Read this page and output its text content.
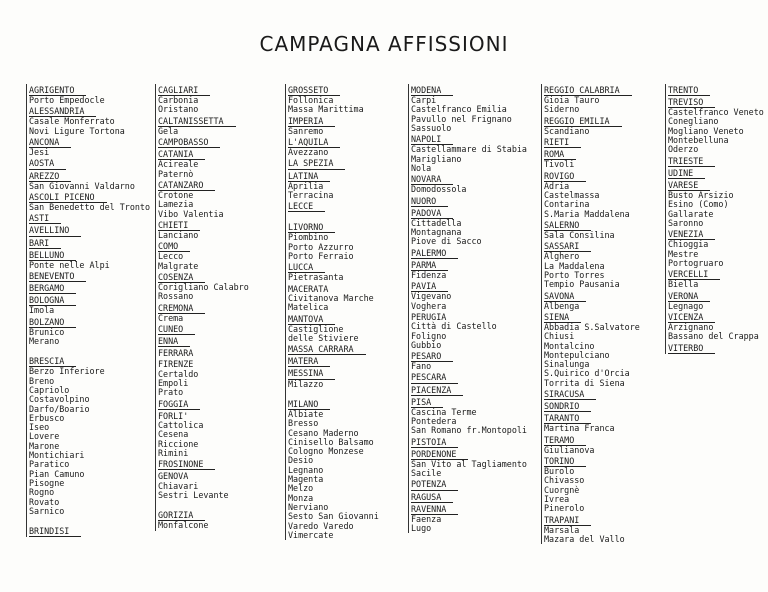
CAMPAGNA AFFISSIONI
AGRIGENTO
Porto Empedocle
ALESSANDRIA
Casale Monferrato
Novi Ligure Tortona
ANCONA
Jesi
AOSTA
AREZZO
San Giovanni Valdarno
ASCOLI PICENO
San Benedetto del Tronto
ASTI
AVELLINO
BARI
BELLUNO
Ponte nelle Alpi
BENEVENTO
BERGAMO
BOLOGNA
Imola
BOLZANO
Brunico
Merano
BRESCIA
Berzo Inferiore
Breno
Capriolo
Costavolpino
Darfo/Boario
Erbusco
Iseo
Lovere
Marone
Montichiari
Paratico
Pian Camuno
Pisogne
Rogno
Rovato
Sarnico
BRINDISI
CAGLIARI
Carbonia
Oristano
CALTANISSETTA
Gela
CAMPOBASSO
CATANIA
Acireale
Paternò
CATANZARO
Crotone
Lamezia
Vibo Valentia
CHIETI
Lanciano
COMO
Lecco
Malgrate
COSENZA
Corigliano Calabro
Rossano
CREMONA
Crema
CUNEO
ENNA
FERRARA
FIRENZE
Certaldo
Empoli
Prato
FOGGIA
FORLI'
Cattolica
Cesena
Riccione
Rimini
FROSINONE
GENOVA
Chiavari
Sestri Levante
GORIZIA
Monfalcone
GROSSETO
Follonica
Massa Marittima
IMPERIA
Sanremo
L'AQUILA
Avezzano
LA SPEZIA
LATINA
Aprilia
Terracina
LECCE
LIVORNO
Piombino
Porto Azzurro
Porto Ferraio
LUCCA
Pietrasanta
MACERATA
Civitanova Marche
Matelica
MANTOVA
Castiglione
delle Stiviere
MASSA CARRARA
MATERA
MESSINA
Milazzo
MILANO
Albiate
Bresso
Cesano Maderno
Cinisello Balsamo
Cologno Monzese
Desio
Legnano
Magenta
Melzo
Monza
Nerviano
Sesto San Giovanni
Varedo Varedo
Vimercate
MODENA
Carpi
Castelfranco Emilia
Pavullo nel Frignano
Sassuolo
NAPOLI
Castellammare di Stabia
Marigliano
Nola
NOVARA
Domodossola
NUORO
PADOVA
Cittadella
Montagnana
Piove di Sacco
PALERMO
PARMA
Fidenza
PAVIA
Vigevano
Voghera
PERUGIA
Città di Castello
Foligno
Gubbio
PESARO
Fano
PESCARA
PIACENZA
PISA
Cascina Terme
Pontedera
San Romano fr.Montopoli
PISTOIA
PORDENONE
San Vito al Tagliamento
Sacile
POTENZA
RAGUSA
RAVENNA
Faenza
Lugo
REGGIO CALABRIA
Gioia Tauro
Siderno
REGGIO EMILIA
Scandiano
RIETI
ROMA
Tivoli
ROVIGO
Adria
Castelmassa
Contarina
S.Maria Maddalena
SALERNO
Sala Consilina
SASSARI
Alghero
La Maddalena
Porto Torres
Tempio Pausania
SAVONA
Albenga
SIENA
Abbadia S.Salvatore
Chiusi
Montalcino
Montepulciano
Sinalunga
S.Quirico d'Orcia
Torrita di Siena
SIRACUSA
SONDRIO
TARANTO
Martina Franca
TERAMO
Giulianova
TORINO
Burolo
Chivasso
Cuorgnè
Ivrea
Pinerolo
TRAPANI
Marsala
Mazara del Vallo
TRENTO
TREVISO
Castelfranco Veneto
Conegliano
Mogliano Veneto
Montebelluna
Oderzo
TRIESTE
UDINE
VARESE
Busto Arsizio
Esino (Como)
Gallarate
Saronno
VENEZIA
Chioggia
Mestre
Portogruaro
VERCELLI
Biella
VERONA
Legnago
VICENZA
Arzignano
Bassano del Crappa
VITERBO
